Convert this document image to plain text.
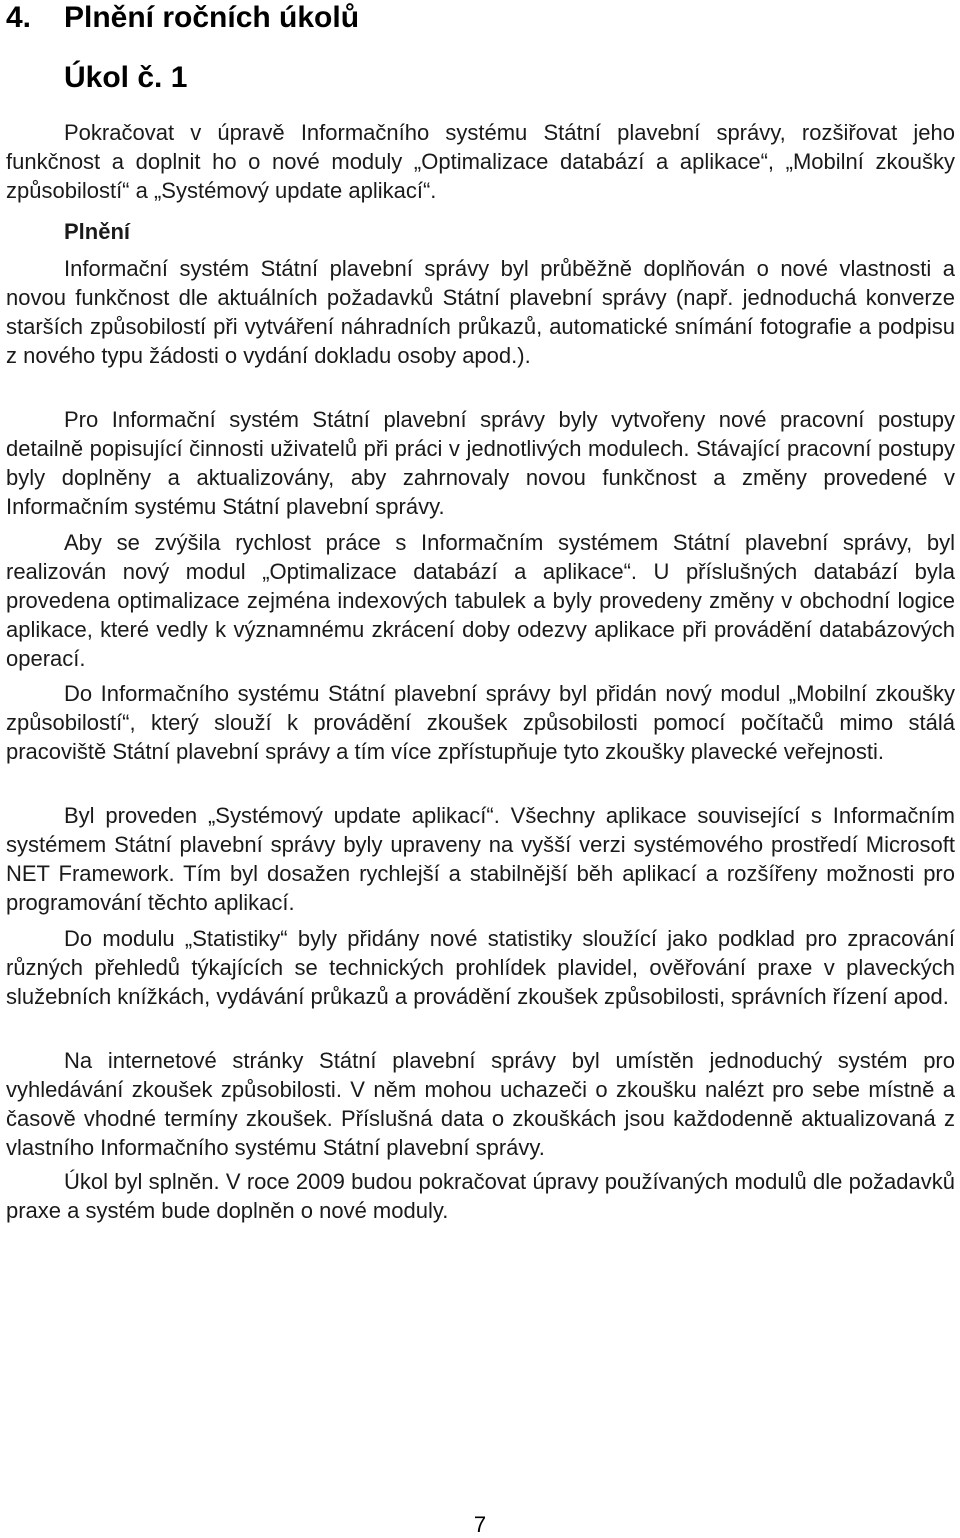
4. Plnění ročních úkolů
Úkol č. 1

Pokračovat v úpravě Informačního systému Státní plavební správy, rozšiřovat jeho funkčnost a doplnit ho o nové moduly „Optimalizace databází a aplikace“, „Mobilní zkoušky způsobilostí“ a „Systémový update aplikací“.

Plnění

Informační systém Státní plavební správy byl průběžně doplňován o nové vlastnosti a novou funkčnost dle aktuálních požadavků Státní plavební správy (např. jednoduchá konverze starších způsobilostí při vytváření náhradních průkazů, automatické snímání fotografie a podpisu z nového typu žádosti o vydání dokladu osoby apod.).

Pro Informační systém Státní plavební správy byly vytvořeny nové pracovní postupy detailně popisující činnosti uživatelů při práci v jednotlivých modulech. Stávající pracovní postupy byly doplněny a aktualizovány, aby zahrnovaly novou funkčnost a změny provedené v Informačním systému Státní plavební správy.

Aby se zvýšila rychlost práce s Informačním systémem Státní plavební správy, byl realizován nový modul „Optimalizace databází a aplikace“. U příslušných databází byla provedena optimalizace zejména indexových tabulek a byly provedeny změny v obchodní logice aplikace, které vedly k významnému zkrácení doby odezvy aplikace při provádění databázových operací.

Do Informačního systému Státní plavební správy byl přidán nový modul „Mobilní zkoušky způsobilostí“, který slouží k provádění zkoušek způsobilosti pomocí počítačů mimo stálá pracoviště Státní plavební správy a tím více zpřístupňuje tyto zkoušky plavecké veřejnosti.

Byl proveden „Systémový update aplikací“. Všechny aplikace související s Informačním systémem Státní plavební správy byly upraveny na vyšší verzi systémového prostředí Microsoft NET Framework. Tím byl dosažen rychlejší a stabilnější běh aplikací a rozšířeny možnosti pro programování těchto aplikací.

Do modulu „Statistiky“ byly přidány nové statistiky sloužící jako podklad pro zpracování různých přehledů týkajících se technických prohlídek plavidel, ověřování praxe v plaveckých služebních knížkách, vydávání průkazů a provádění zkoušek způsobilosti, správních řízení apod.

Na internetové stránky Státní plavební správy byl umístěn jednoduchý systém pro vyhledávání zkoušek způsobilosti. V něm mohou uchazeči o zkoušku nalézt pro sebe místně a časově vhodné termíny zkoušek. Příslušná data o zkouškách jsou každodenně aktualizovaná z vlastního Informačního systému Státní plavební správy.

Úkol byl splněn. V roce 2009 budou pokračovat úpravy používaných modulů dle požadavků praxe a systém bude doplněn o nové moduly.

7
